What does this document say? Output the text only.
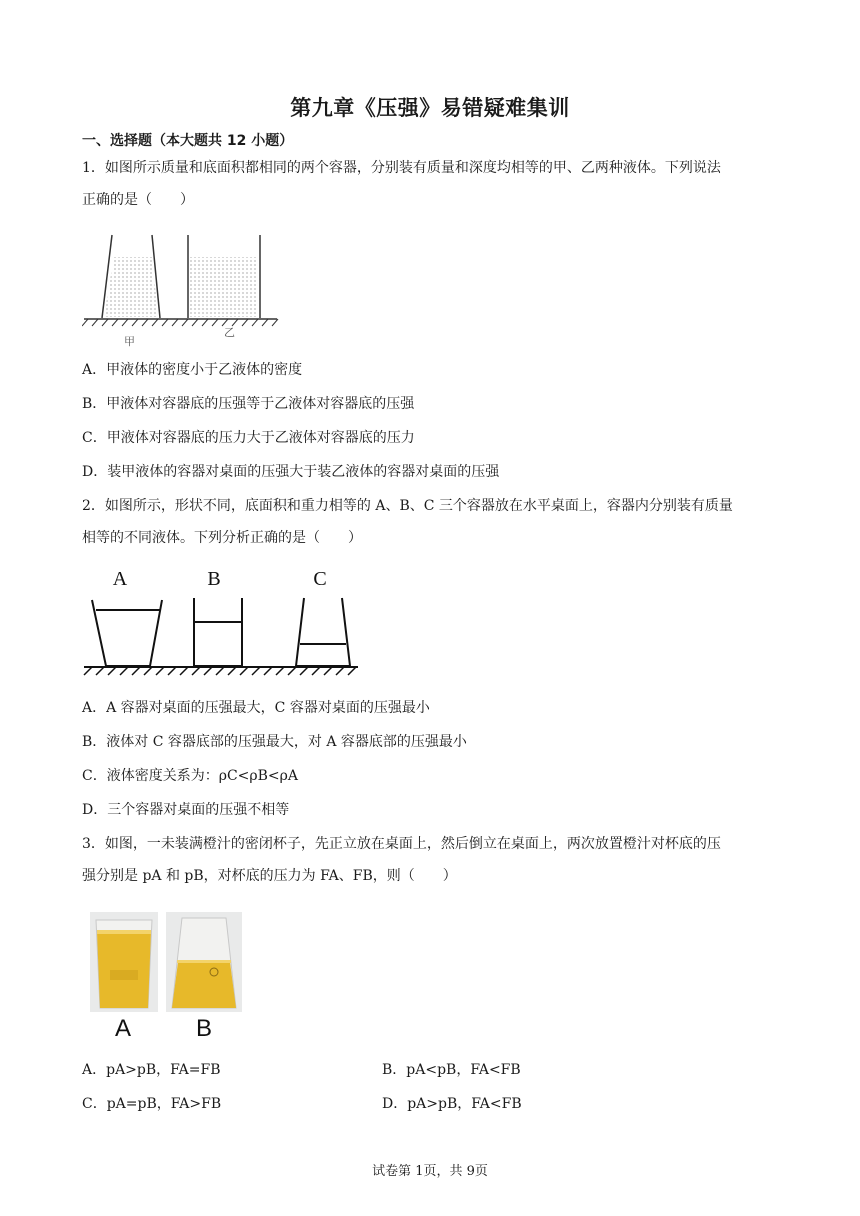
第九章《压强》易错疑难集训
一、选择题（本大题共 12 小题）
1．如图所示质量和底面积都相同的两个容器，分别装有质量和深度均相等的甲、乙两种液体。下列说法
正确的是（　　）
甲
乙
A．甲液体的密度小于乙液体的密度
B．甲液体对容器底的压强等于乙液体对容器底的压强
C．甲液体对容器底的压力大于乙液体对容器底的压力
D．装甲液体的容器对桌面的压强大于装乙液体的容器对桌面的压强
2．如图所示，形状不同，底面积和重力相等的 A、B、C 三个容器放在水平桌面上，容器内分别装有质量
相等的不同液体。下列分析正确的是（　　）
A	B	C
A．A 容器对桌面的压强最大，C 容器对桌面的压强最小
B．液体对 C 容器底部的压强最大，对 A 容器底部的压强最小
C．液体密度关系为：ρC<ρB<ρA
D．三个容器对桌面的压强不相等
3．如图，一未装满橙汁的密闭杯子，先正立放在桌面上，然后倒立在桌面上，两次放置橙汁对杯底的压
强分别是 pA 和 pB，对杯底的压力为 FA、FB，则（　　）
A	B
A．pA>pB，FA=FB	B．pA<pB，FA<FB
C．pA=pB，FA>FB	D．pA>pB，FA<FB
试卷第 1页，共 9页
